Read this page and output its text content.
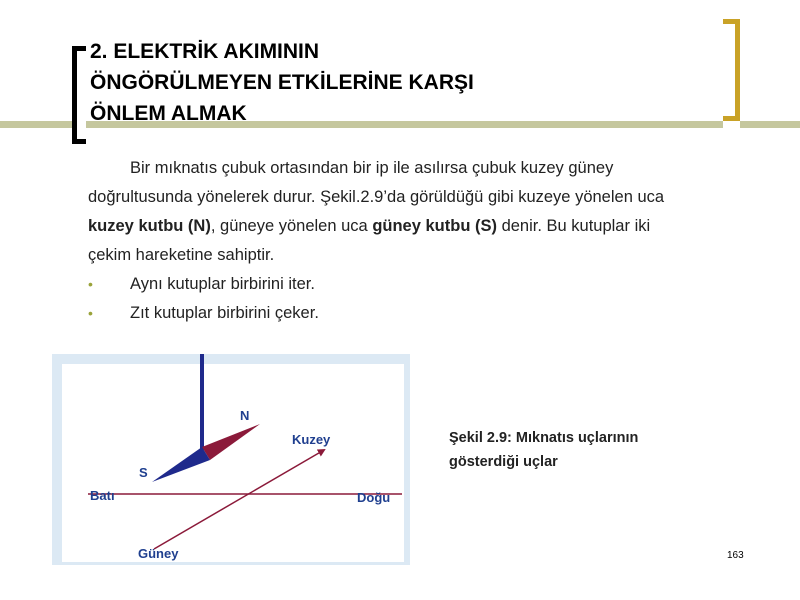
2. ELEKTRİK AKIMININ
ÖNGÖRÜLMEYEN ETKİLERİNE KARŞI
ÖNLEM ALMAK

Bir mıknatıs çubuk ortasından bir ip ile asılırsa çubuk kuzey güney doğrultusunda yönelerek durur. Şekil.2.9’da görüldüğü gibi kuzeye yönelen uca kuzey kutbu (N), güneye yönelen uca güney kutbu (S) denir. Bu kutuplar iki çekim hareketine sahiptir.

• Aynı kutuplar birbirini iter.
• Zıt kutuplar birbirini çeker.
N
S
Kuzey
Batı	Doğu
Güney
Şekil 2.9: Mıknatıs uçlarının
gösterdiği uçlar
163
